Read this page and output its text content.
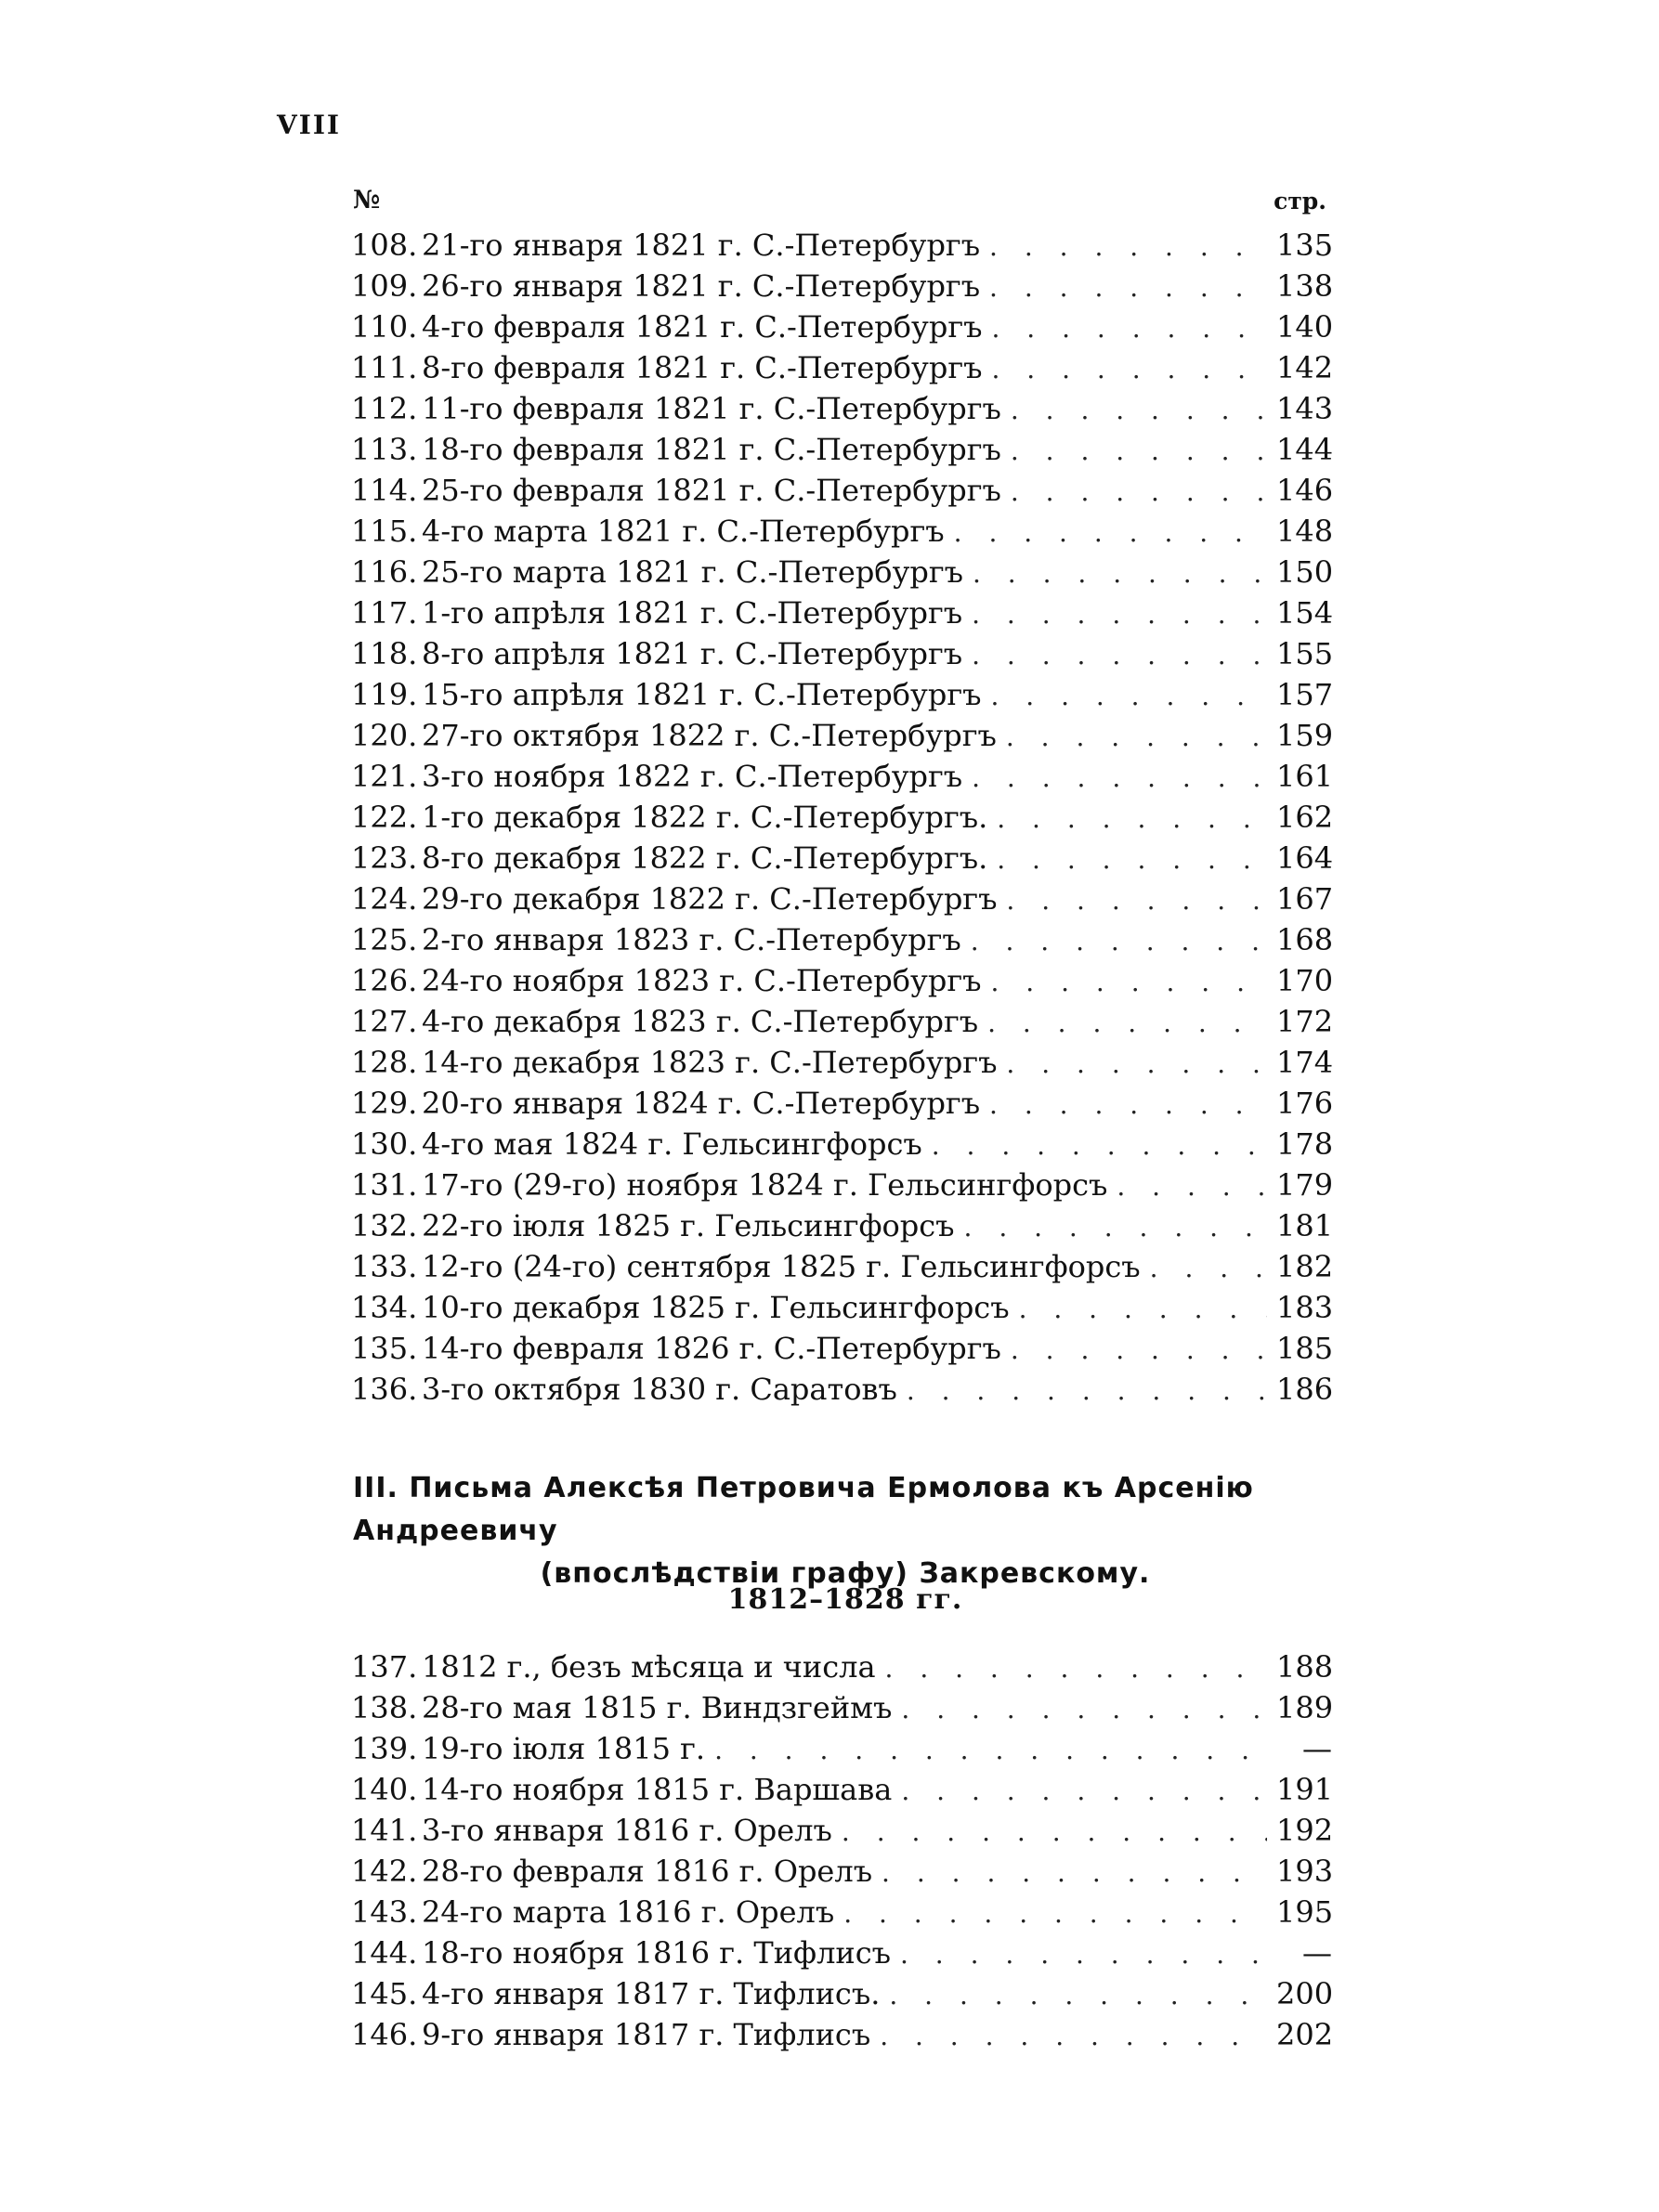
VIII
№	стр.
108. 21-го января 1821 г. С.-Петербургъ . . .	135
109. 26-го января 1821 г. С.-Петербургъ . . .	138
110. 4-го февраля 1821 г. С.-Петербургъ . . .	140
111. 8-го февраля 1821 г. С.-Петербургъ . . .	142
112. 11-го февраля 1821 г. С.-Петербургъ . . .	143
113. 18-го февраля 1821 г. С.-Петербургъ . . .	144
114. 25-го февраля 1821 г. С.-Петербургъ . . .	146
115. 4-го марта 1821 г. С.-Петербургъ . . .	148
116. 25-го марта 1821 г. С.-Петербургъ . . .	150
117. 1-го апрѣля 1821 г. С.-Петербургъ . . .	154
118. 8-го апрѣля 1821 г. С.-Петербургъ . . .	155
119. 15-го апрѣля 1821 г. С.-Петербургъ . . .	157
120. 27-го октября 1822 г. С.-Петербургъ . . .	159
121. 3-го ноября 1822 г. С.-Петербургъ . . .	161
122. 1-го декабря 1822 г. С.-Петербургъ. . . .	162
123. 8-го декабря 1822 г. С.-Петербургъ. . . .	164
124. 29-го декабря 1822 г. С.-Петербургъ . . .	167
125. 2-го января 1823 г. С.-Петербургъ . . .	168
126. 24-го ноября 1823 г. С.-Петербургъ . . .	170
127. 4-го декабря 1823 г. С.-Петербургъ . . .	172
128. 14-го декабря 1823 г. С.-Петербургъ . . .	174
129. 20-го января 1824 г. С.-Петербургъ . . .	176
130. 4-го мая 1824 г. Гельсингфорсъ . . .	178
131. 17-го (29-го) ноября 1824 г. Гельсингфорсъ . . .	179
132. 22-го іюля 1825 г. Гельсингфорсъ . . .	181
133. 12-го (24-го) сентября 1825 г. Гельсингфорсъ . . .	182
134. 10-го декабря 1825 г. Гельсингфорсъ . . .	183
135. 14-го февраля 1826 г. С.-Петербургъ . . .	185
136. 3-го октября 1830 г. Саратовъ . . .	186
III. Письма Алексѣя Петровича Ермолова къ Арсенію Андреевичу
(впослѣдствіи графу) Закревскому.
1812–1828 гг.
137. 1812 г., безъ мѣсяца и числа . . .	188
138. 28-го мая 1815 г. Виндзгеймъ . . .	189
139. 19-го іюля 1815 г. . . .	—
140. 14-го ноября 1815 г. Варшава . . .	191
141. 3-го января 1816 г. Орелъ . . .	192
142. 28-го февраля 1816 г. Орелъ . . .	193
143. 24-го марта 1816 г. Орелъ . . .	195
144. 18-го ноября 1816 г. Тифлисъ . . .	—
145. 4-го января 1817 г. Тифлисъ. . . .	200
146. 9-го января 1817 г. Тифлисъ . . .	202
